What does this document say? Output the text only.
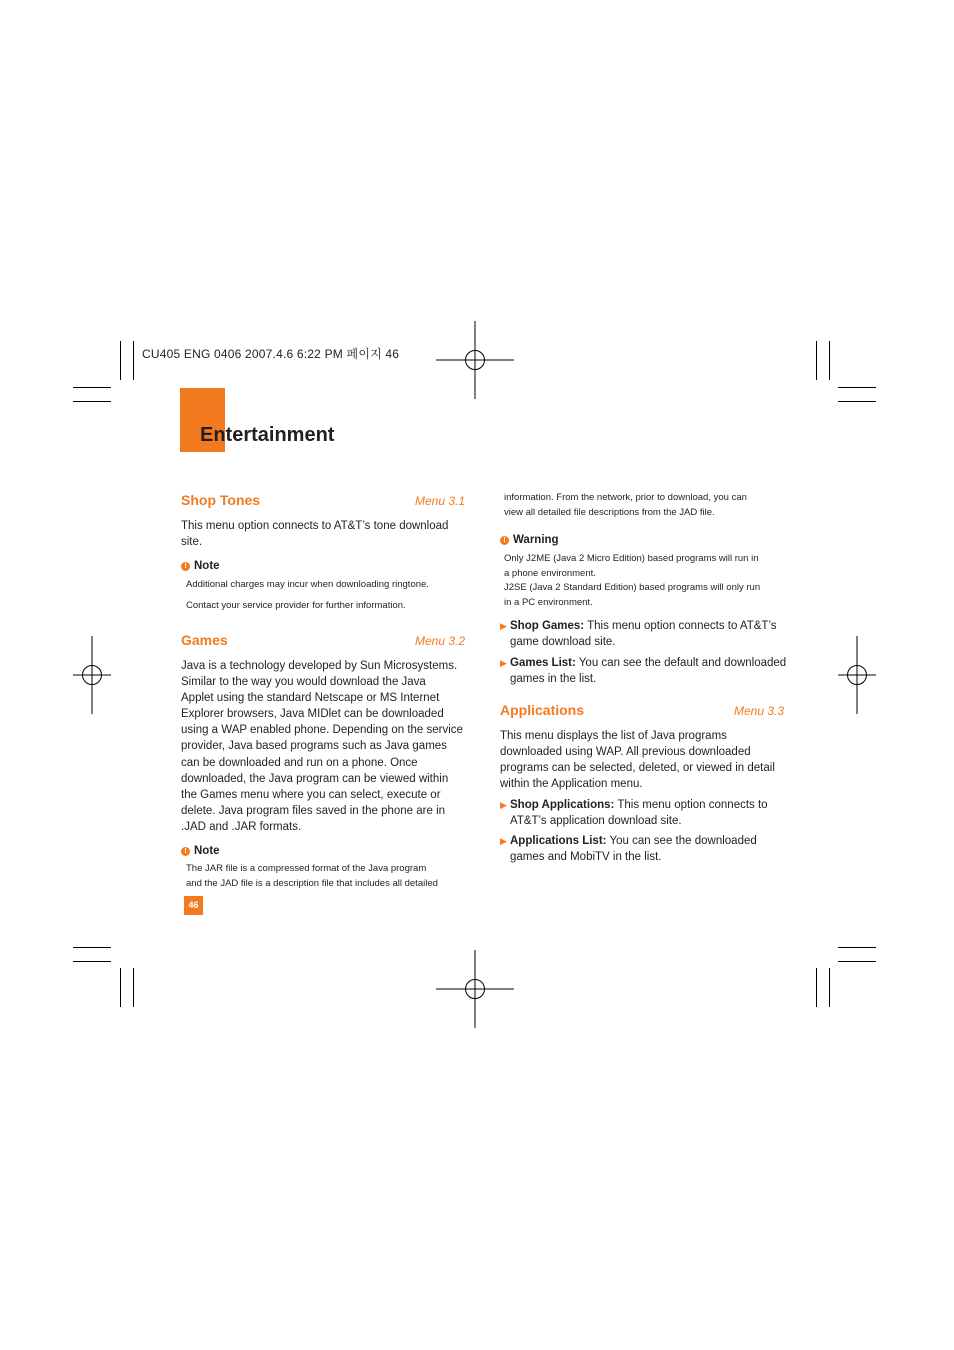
CU405 ENG 0406 2007.4.6 6:22 PM 페이지 46
Entertainment
Shop Tones	Menu 3.1
This menu option connects to AT&T’s tone download
site.
! Note
Additional charges may incur when downloading ringtone.
Contact your service provider for further information.
Games	Menu 3.2
Java is a technology developed by Sun Microsystems.
Similar to the way you would download the Java
Applet using the standard Netscape or MS Internet
Explorer browsers, Java MIDlet can be downloaded
using a WAP enabled phone. Depending on the service
provider, Java based programs such as Java games
can be downloaded and run on a phone. Once
downloaded, the Java program can be viewed within
the Games menu where you can select, execute or
delete. Java program files saved in the phone are in
.JAD and .JAR formats.
! Note
The JAR file is a compressed format of the Java program
and the JAD file is a description file that includes all detailed
46
information. From the network, prior to download, you can
view all detailed file descriptions from the JAD file.
! Warning
Only J2ME (Java 2 Micro Edition) based programs will run in
a phone environment.
J2SE (Java 2 Standard Edition) based programs will only run
in a PC environment.
▶ Shop Games: This menu option connects to AT&T’s
game download site.
▶ Games List: You can see the default and downloaded
games in the list.
Applications	Menu 3.3
This menu displays the list of Java programs
downloaded using WAP. All previous downloaded
programs can be selected, deleted, or viewed in detail
within the Application menu.
▶ Shop Applications: This menu option connects to
AT&T’s application download site.
▶ Applications List: You can see the downloaded
games and MobiTV in the list.
